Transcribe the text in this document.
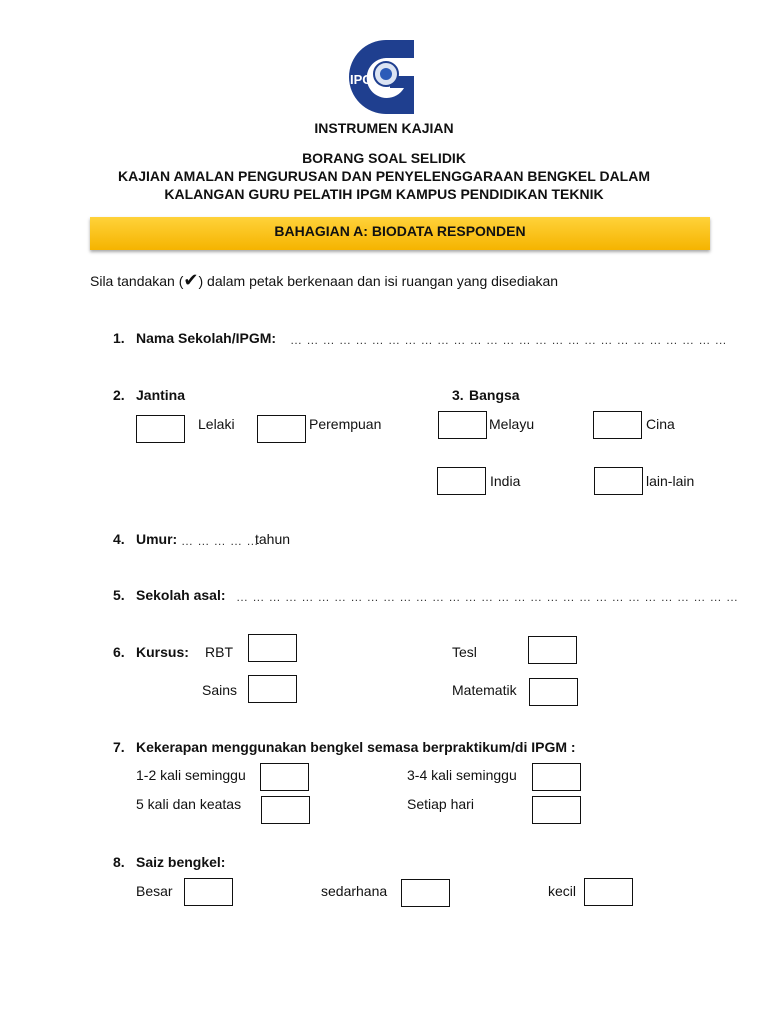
IPG
INSTRUMEN KAJIAN
BORANG SOAL SELIDIK
KAJIAN AMALAN PENGURUSAN DAN PENYELENGGARAAN BENGKEL DALAM
KALANGAN GURU PELATIH IPGM KAMPUS PENDIDIKAN TEKNIK
BAHAGIAN A: BIODATA RESPONDEN
Sila tandakan (✔) dalam petak berkenaan dan isi ruangan yang disediakan
1. Nama Sekolah/IPGM: … … … … … … … … … … … … … … … … … … … … … … … … … … …
2. Jantina
Lelaki	Perempuan
3. Bangsa
Melayu	Cina
India	lain-lain
4. Umur: … … … … …
tahun
5. Sekolah asal: … … … … … … … … … … … … … … … … … … … … … … … … … … … … … … …
6. Kursus: RBT	Tesl
Sains	Matematik
7. Kekerapan menggunakan bengkel semasa berpraktikum/di IPGM :
1-2 kali seminggu	3-4 kali seminggu
5 kali dan keatas	Setiap hari
8. Saiz bengkel:
Besar	sedarhana	kecil
